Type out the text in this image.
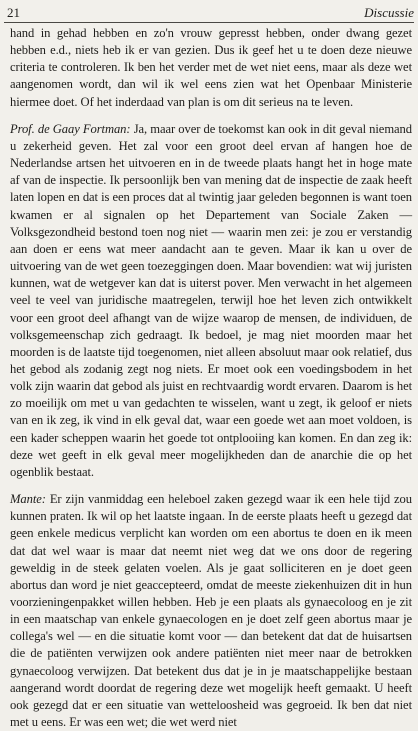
21	Discussie

hand in gehad hebben en zo'n vrouw gepresst hebben, onder dwang gezet hebben e.d., niets heb ik er van gezien. Dus ik geef het u te doen deze nieuwe criteria te controleren. Ik ben het verder met de wet niet eens, maar als deze wet aangenomen wordt, dan wil ik wel eens zien wat het Openbaar Ministerie hiermee doet. Of het inderdaad van plan is om dit serieus na te leven.

Prof. de Gaay Fortman: Ja, maar over de toekomst kan ook in dit geval niemand u zekerheid geven. Het zal voor een groot deel ervan af hangen hoe de Nederlandse artsen het uitvoeren en in de tweede plaats hangt het in hoge mate af van de inspectie. Ik persoonlijk ben van mening dat de inspectie de zaak heeft laten lopen en dat is een proces dat al twintig jaar geleden begonnen is want toen kwamen er al signalen op het Departement van Sociale Zaken — Volksgezondheid bestond toen nog niet — waarin men zei: je zou er verstandig aan doen er eens wat meer aandacht aan te geven. Maar ik kan u over de uitvoering van de wet geen toezeggingen doen. Maar bovendien: wat wij juristen kunnen, wat de wetgever kan dat is uiterst pover. Men verwacht in het algemeen veel te veel van juridische maatregelen, terwijl hoe het leven zich ontwikkelt voor een groot deel afhangt van de wijze waarop de mensen, de individuen, de volksgemeenschap zich gedraagt. Ik bedoel, je mag niet moorden maar het moorden is de laatste tijd toegenomen, niet alleen absoluut maar ook relatief, dus het gebod als zodanig zegt nog niets. Er moet ook een voedingsbodem in het volk zijn waarin dat gebod als juist en rechtvaardig wordt ervaren. Daarom is het zo moeilijk om met u van gedachten te wisselen, want u zegt, ik geloof er niets van en ik zeg, ik vind in elk geval dat, waar een goede wet aan moet voldoen, is een kader scheppen waarin het goede tot ontplooiing kan komen. En dan zeg ik: deze wet geeft in elk geval meer mogelijkheden dan de anarchie die op het ogenblik bestaat.

Mante: Er zijn vanmiddag een heleboel zaken gezegd waar ik een hele tijd zou kunnen praten. Ik wil op het laatste ingaan. In de eerste plaats heeft u gezegd dat geen enkele medicus verplicht kan worden om een abortus te doen en ik meen dat dat wel waar is maar dat neemt niet weg dat we ons door de regering geweldig in de steek gelaten voelen. Als je gaat solliciteren en je doet geen abortus dan word je niet geaccepteerd, omdat de meeste ziekenhuizen dit in hun voorzieningenpakket willen hebben. Heb je een plaats als gynaecoloog en je zit in een maatschap van enkele gynaecologen en je doet zelf geen abortus maar je collega's wel — en die situatie komt voor — dan betekent dat dat de huisartsen die de patiënten verwijzen ook andere patiënten niet meer naar de betrokken gynaecoloog verwijzen. Dat betekent dus dat je in je maatschappelijke bestaan aangerand wordt doordat de regering deze wet mogelijk heeft gemaakt. U heeft ook gezegd dat er een situatie van wetteloosheid was gegroeid. Ik ben dat niet met u eens. Er was een wet; die wet werd niet
